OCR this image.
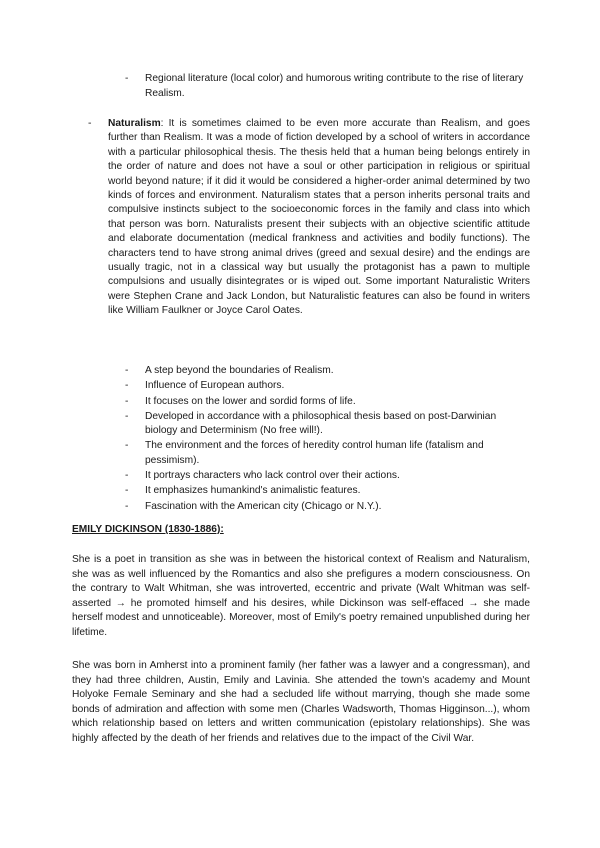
- Regional literature (local color) and humorous writing contribute to the rise of literary Realism.
- Naturalism: It is sometimes claimed to be even more accurate than Realism, and goes further than Realism. It was a mode of fiction developed by a school of writers in accordance with a particular philosophical thesis. The thesis held that a human being belongs entirely in the order of nature and does not have a soul or other participation in religious or spiritual world beyond nature; if it did it would be considered a higher-order animal determined by two kinds of forces and environment. Naturalism states that a person inherits personal traits and compulsive instincts subject to the socioeconomic forces in the family and class into which that person was born. Naturalists present their subjects with an objective scientific attitude and elaborate documentation (medical frankness and activities and bodily functions). The characters tend to have strong animal drives (greed and sexual desire) and the endings are usually tragic, not in a classical way but usually the protagonist has a pawn to multiple compulsions and usually disintegrates or is wiped out. Some important Naturalistic Writers were Stephen Crane and Jack London, but Naturalistic features can also be found in writers like William Faulkner or Joyce Carol Oates.

- A step beyond the boundaries of Realism.
- Influence of European authors.
- It focuses on the lower and sordid forms of life.
- Developed in accordance with a philosophical thesis based on post-Darwinian biology and Determinism (No free will!).
- The environment and the forces of heredity control human life (fatalism and pessimism).
- It portrays characters who lack control over their actions.
- It emphasizes humankind's animalistic features.
- Fascination with the American city (Chicago or N.Y.).
EMILY DICKINSON (1830-1886):

She is a poet in transition as she was in between the historical context of Realism and Naturalism, she was as well influenced by the Romantics and also she prefigures a modern consciousness. On the contrary to Walt Whitman, she was introverted, eccentric and private (Walt Whitman was self-asserted → he promoted himself and his desires, while Dickinson was self-effaced → she made herself modest and unnoticeable). Moreover, most of Emily's poetry remained unpublished during her lifetime.

She was born in Amherst into a prominent family (her father was a lawyer and a congressman), and they had three children, Austin, Emily and Lavinia. She attended the town's academy and Mount Holyoke Female Seminary and she had a secluded life without marrying, though she made some bonds of admiration and affection with some men (Charles Wadsworth, Thomas Higginson...), whom which relationship based on letters and written communication (epistolary relationships). She was highly affected by the death of her friends and relatives due to the impact of the Civil War.
